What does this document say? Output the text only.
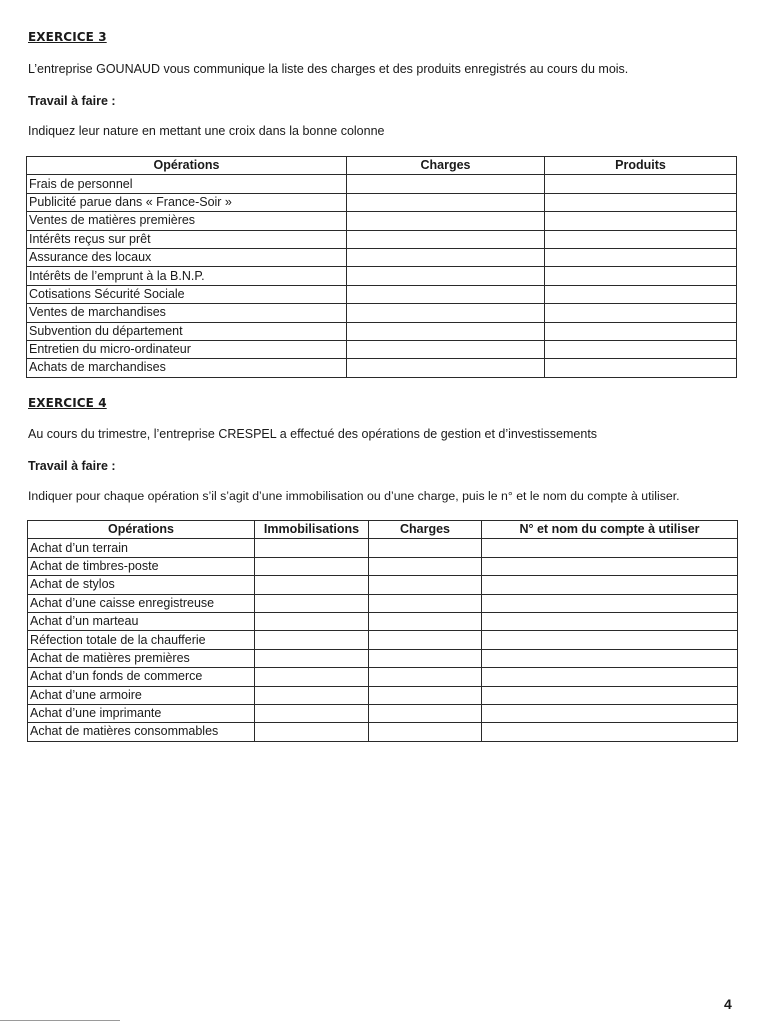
EXERCICE 3
L’entreprise GOUNAUD vous communique la liste des charges et des produits enregistrés au cours du mois.
Travail à faire :
Indiquez leur nature en mettant une croix dans la bonne colonne
Opérations	Charges	Produits
Frais de personnel		
Publicité parue dans « France-Soir »		
Ventes de matières premières		
Intérêts reçus sur prêt		
Assurance des locaux		
Intérêts de l’emprunt à la B.N.P.		
Cotisations Sécurité Sociale		
Ventes de marchandises		
Subvention du département		
Entretien du micro-ordinateur		
Achats de marchandises		
EXERCICE 4
Au cours du trimestre, l’entreprise CRESPEL a effectué des opérations de gestion et d’investissements
Travail à faire :
Indiquer pour chaque opération s’il s’agit d’une immobilisation ou d’une charge, puis le n° et le nom du compte à utiliser.
Opérations	Immobilisations	Charges	N° et nom du compte à utiliser
Achat d’un terrain			
Achat de timbres-poste			
Achat de stylos			
Achat d’une caisse enregistreuse			
Achat d’un marteau			
Réfection totale de la chaufferie			
Achat de matières premières			
Achat d’un fonds de commerce			
Achat d’une armoire			
Achat d’une imprimante			
Achat de matières consommables			
4
